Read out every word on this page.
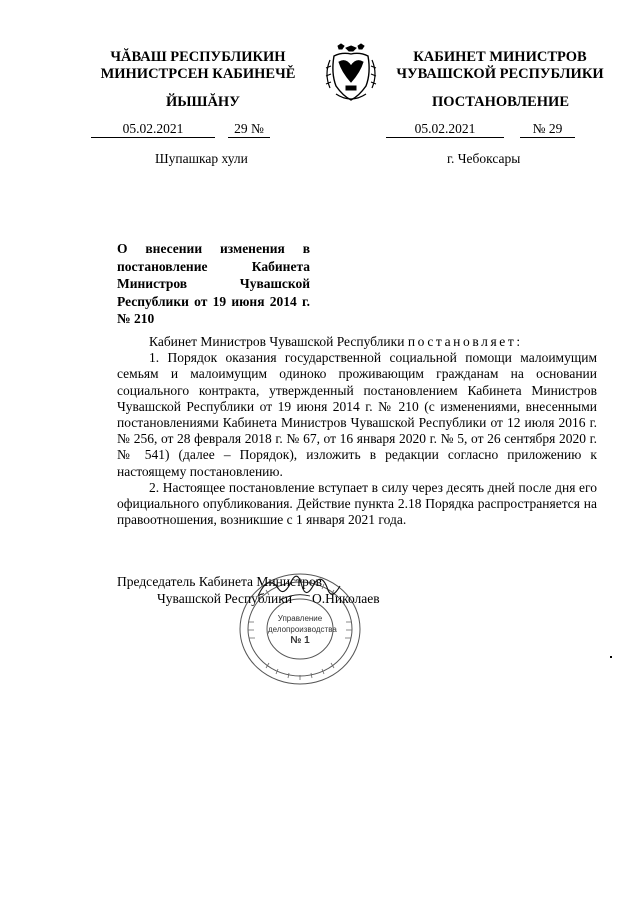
ЧĂВАШ РЕСПУБЛИКИН
МИНИСТРСЕН КАБИНЕЧĚ
ЙЫШĂНУ
КАБИНЕТ МИНИСТРОВ
ЧУВАШСКОЙ РЕСПУБЛИКИ
ПОСТАНОВЛЕНИЕ
05.02.2021	29 №	05.02.2021	№ 29
Шупашкар хули	г. Чебоксары
О внесении изменения в постановление Кабинета Министров Чувашской Республики от 19 июня 2014 г. № 210

Кабинет Министров Чувашской Республики постановляет:

1. Порядок оказания государственной социальной помощи малоимущим семьям и малоимущим одиноко проживающим гражданам на основании социального контракта, утвержденный постановлением Кабинета Министров Чувашской Республики от 19 июня 2014 г. № 210 (с изменениями, внесенными постановлениями Кабинета Министров Чувашской Республики от 12 июля 2016 г. № 256, от 28 февраля 2018 г. № 67, от 16 января 2020 г. № 5, от 26 сентября 2020 г. № 541) (далее – Порядок), изложить в редакции согласно приложению к настоящему постановлению.

2. Настоящее постановление вступает в силу через десять дней после дня его официального опубликования. Действие пункта 2.18 Порядка распространяется на правоотношения, возникшие с 1 января 2021 года.

Управление
делопроизводства
№ 1
Председатель Кабинета Министров
Чувашской Республики О.Николаев
